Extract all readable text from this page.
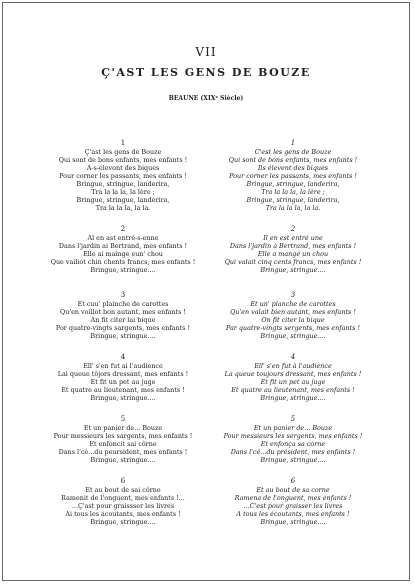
VII
Ç'AST LES GENS DE BOUZE
BEAUNE (XIXᵉ Siècle)
1
Ç'ast les gens de Bouze
Qui sont de bons enfants, mes enfants !
A-s-élevont des biques
Pour corner les passants, mes enfants !
Bringue, stringue, landerira,
Tra la la la, la lère ;
Bringue, stringue, landerira,
Tra la la la, la la.
2
Al en ast entré-s-enne
Dans l'jardin ai Bertrand, mes enfants !
Elle ai mainge eun' chou
Que vailiot chin chents francs, mes enfants !
Bringue, stringue....
3
Et cuu' plainche de carottes
Qu'en voillot bon autant, mes enfants !
An fit citer lai bique
Por quatre-vingts sargents, mes enfants !
Bringue, stringue....
4
Ell' s'en fut ai l'audience
Lai queue tôjors dressant, mes enfants !
Et fit un pet au juge
Et quatre au lieutenant, mes enfants !
Bringue, stringue....
5
Et un panier de... Bouze
Pour messieurs les sargents, mes enfants !
Et enfoncit sai côrne
Dans l'cé...du peursident, mes enfants !
Bringue, stringue....
6
Et au bout de sai côrne
Ramenit de l'onguent, mes enfants !...
...Ç'ast pour graissser les livres
Ai tous les acoutants, mes enfants !
Bringue, stringue....
1
C'est les gens de Bouze
Qui sont de bons enfants, mes enfants !
Ils élevent des biques
Pour corner les passants, mes enfants !
Bringue, stringue, landerira,
Tra la la la, la lère ;
Bringue, stringue, landerira,
Tra la la la, la la.
2
Il en est entré une
Dans l'jardin à Bertrand, mes enfants !
Elle a mangé un chou
Qui valait cinq cents francs, mes enfants !
Bringue, stringue....
3
Et un' planche de carottes
Qu'en valait bien autant, mes enfants !
On fit citer la bique
Par quatre-vingts sergents, mes enfants !
Bringue, stringue....
4
Ell' s'en fut à l'audience
La queue toujours dressant, mes enfants !
Et fit un pet au juge
Et quatre au lieutenant, mes enfants !
Bringue, stringue....
5
Et un panier de... Bouze
Pour messieurs les sergents, mes enfants !
Et enfonça sa corne
Dans l'cé...du président, mes enfants !
Bringue, stringue....
6
Et au bout de sa corne
Ramena de l'onguent, mes enfants !
...C'est pour graisser les livres
A tous les écoutants, mes enfants !
Bringue, stringue....
